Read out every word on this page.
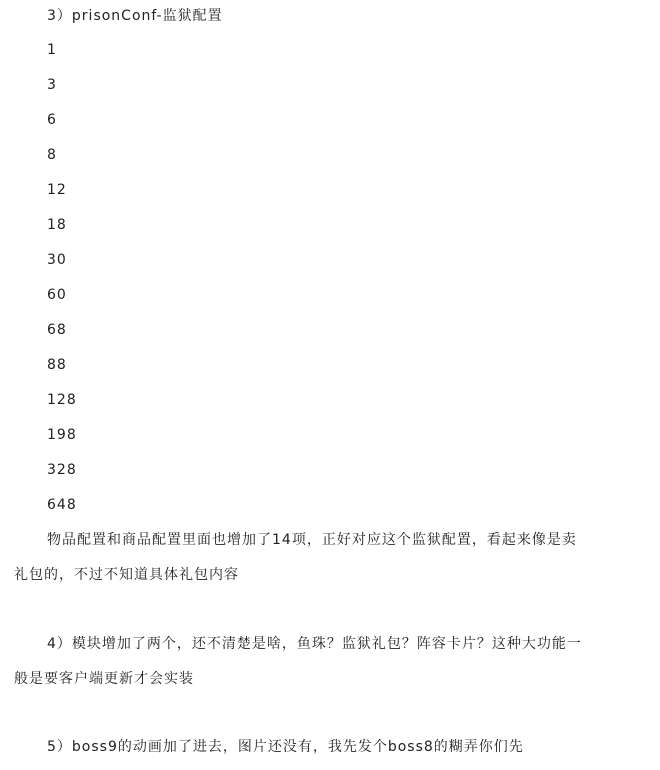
3）prisonConf-监狱配置
1
3
6
8
12
18
30
60
68
88
128
198
328
648
物品配置和商品配置里面也增加了14项，正好对应这个监狱配置，看起来像是卖
礼包的，不过不知道具体礼包内容
4）模块增加了两个，还不清楚是啥，鱼珠？监狱礼包？阵容卡片？这种大功能一
般是要客户端更新才会实装
5）boss9的动画加了进去，图片还没有，我先发个boss8的糊弄你们先
